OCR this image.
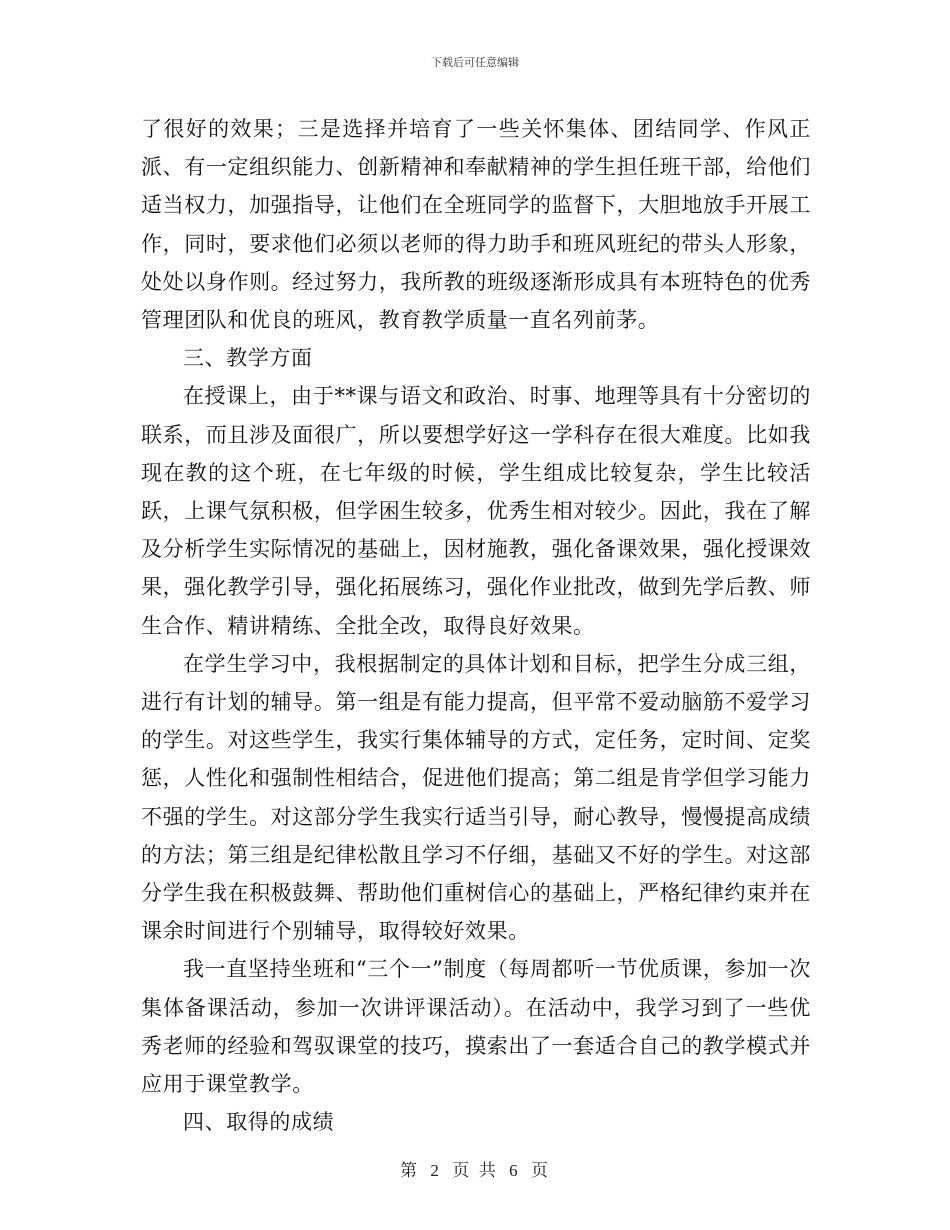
下载后可任意编辑

了很好的效果；三是选择并培育了一些关怀集体、团结同学、作风正派、有一定组织能力、创新精神和奉献精神的学生担任班干部，给他们适当权力，加强指导，让他们在全班同学的监督下，大胆地放手开展工作，同时，要求他们必须以老师的得力助手和班风班纪的带头人形象，处处以身作则。经过努力，我所教的班级逐渐形成具有本班特色的优秀管理团队和优良的班风，教育教学质量一直名列前茅。

三、教学方面

在授课上，由于**课与语文和政治、时事、地理等具有十分密切的联系，而且涉及面很广，所以要想学好这一学科存在很大难度。比如我现在教的这个班，在七年级的时候，学生组成比较复杂，学生比较活跃，上课气氛积极，但学困生较多，优秀生相对较少。因此，我在了解及分析学生实际情况的基础上，因材施教，强化备课效果，强化授课效果，强化教学引导，强化拓展练习，强化作业批改，做到先学后教、师生合作、精讲精练、全批全改，取得良好效果。

在学生学习中，我根据制定的具体计划和目标，把学生分成三组，进行有计划的辅导。第一组是有能力提高，但平常不爱动脑筋不爱学习的学生。对这些学生，我实行集体辅导的方式，定任务，定时间、定奖惩，人性化和强制性相结合，促进他们提高；第二组是肯学但学习能力不强的学生。对这部分学生我实行适当引导，耐心教导，慢慢提高成绩的方法；第三组是纪律松散且学习不仔细，基础又不好的学生。对这部分学生我在积极鼓舞、帮助他们重树信心的基础上，严格纪律约束并在课余时间进行个别辅导，取得较好效果。

我一直坚持坐班和“三个一”制度（每周都听一节优质课，参加一次集体备课活动，参加一次讲评课活动）。在活动中，我学习到了一些优秀老师的经验和驾驭课堂的技巧，摸索出了一套适合自己的教学模式并应用于课堂教学。

四、取得的成绩

第 2 页 共 6 页
